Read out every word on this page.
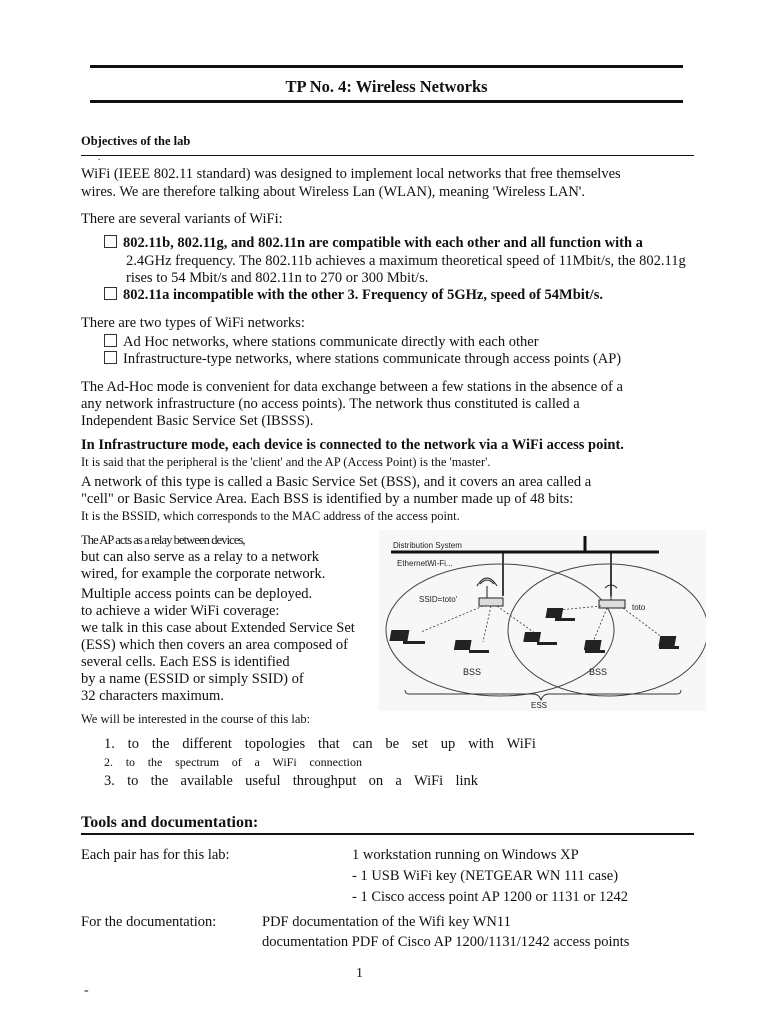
TP No. 4: Wireless Networks
Objectives of the lab
.
WiFi (IEEE 802.11 standard) was designed to implement local networks that free themselves
wires. We are therefore talking about Wireless Lan (WLAN), meaning 'Wireless LAN'.
There are several variants of WiFi:
802.11b, 802.11g, and 802.11n are compatible with each other and all function with a
2.4GHz frequency. The 802.11b achieves a maximum theoretical speed of 11Mbit/s, the 802.11g
rises to 54 Mbit/s and 802.11n to 270 or 300 Mbit/s.
802.11a incompatible with the other 3. Frequency of 5GHz, speed of 54Mbit/s.
There are two types of WiFi networks:
Ad Hoc networks, where stations communicate directly with each other
Infrastructure-type networks, where stations communicate through access points (AP)
The Ad-Hoc mode is convenient for data exchange between a few stations in the absence of a
any network infrastructure (no access points). The network thus constituted is called a
Independent Basic Service Set (IBSSS).
In Infrastructure mode, each device is connected to the network via a WiFi access point.
It is said that the peripheral is the 'client' and the AP (Access Point) is the 'master'.
A network of this type is called a Basic Service Set (BSS), and it covers an area called a
"cell" or Basic Service Area. Each BSS is identified by a number made up of 48 bits:
It is the BSSID, which corresponds to the MAC address of the access point.
The AP acts as a relay between devices,
but can also serve as a relay to a network
wired, for example the corporate network.
Multiple access points can be deployed.
to achieve a wider WiFi coverage:
we talk in this case about Extended Service Set
(ESS) which then covers an area composed of
several cells. Each ESS is identified
by a name (ESSID or simply SSID) of
32 characters maximum.
We will be interested in the course of this lab:
1. to the different topologies that can be set up with WiFi
2. to the spectrum of a WiFi connection
3. to the available useful throughput on a WiFi link
Distribution System
EthernetWi-Fi...
SSID=toto'
toto
BSS	BSS
ESS
Tools and documentation:
Each pair has for this lab:	1 workstation running on Windows XP
- 1 USB WiFi key (NETGEAR WN 111 case)
- 1 Cisco access point AP 1200 or 1131 or 1242
For the documentation:	PDF documentation of the Wifi key WN11
documentation PDF of Cisco AP 1200/1131/1242 access points
1
-
